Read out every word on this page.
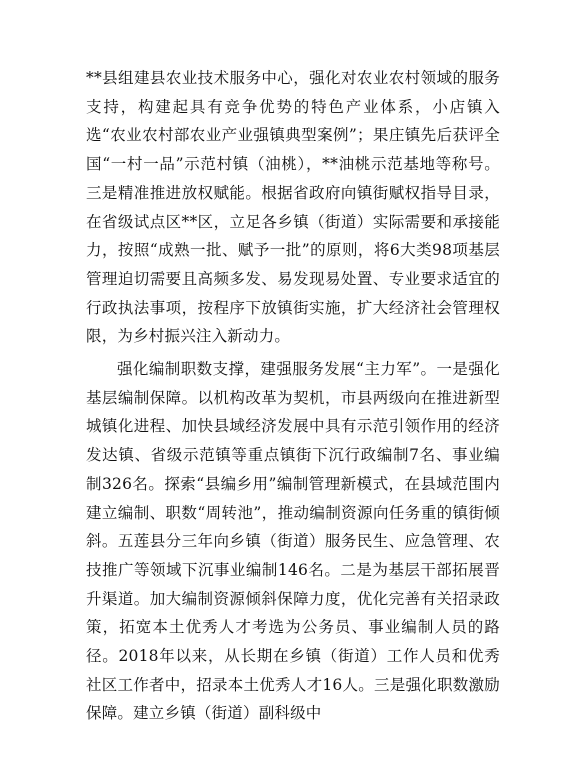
**县组建县农业技术服务中心，强化对农业农村领域的服务支持，构建起具有竞争优势的特色产业体系，小店镇入选“农业农村部农业产业强镇典型案例”；果庄镇先后获评全国“一村一品”示范村镇（油桃），**油桃示范基地等称号。三是精准推进放权赋能。根据省政府向镇街赋权指导目录，在省级试点区**区，立足各乡镇（街道）实际需要和承接能力，按照“成熟一批、赋予一批”的原则，将6大类98项基层管理迫切需要且高频多发、易发现易处置、专业要求适宜的行政执法事项，按程序下放镇街实施，扩大经济社会管理权限，为乡村振兴注入新动力。

强化编制职数支撑，建强服务发展“主力军”。一是强化基层编制保障。以机构改革为契机，市县两级向在推进新型城镇化进程、加快县域经济发展中具有示范引领作用的经济发达镇、省级示范镇等重点镇街下沉行政编制7名、事业编制326名。探索“县编乡用”编制管理新模式，在县域范围内建立编制、职数“周转池”，推动编制资源向任务重的镇街倾斜。五莲县分三年向乡镇（街道）服务民生、应急管理、农技推广等领域下沉事业编制146名。二是为基层干部拓展晋升渠道。加大编制资源倾斜保障力度，优化完善有关招录政策，拓宽本土优秀人才考选为公务员、事业编制人员的路径。2018年以来，从长期在乡镇（街道）工作人员和优秀社区工作者中，招录本土优秀人才16人。三是强化职数激励保障。建立乡镇（街道）副科级中
